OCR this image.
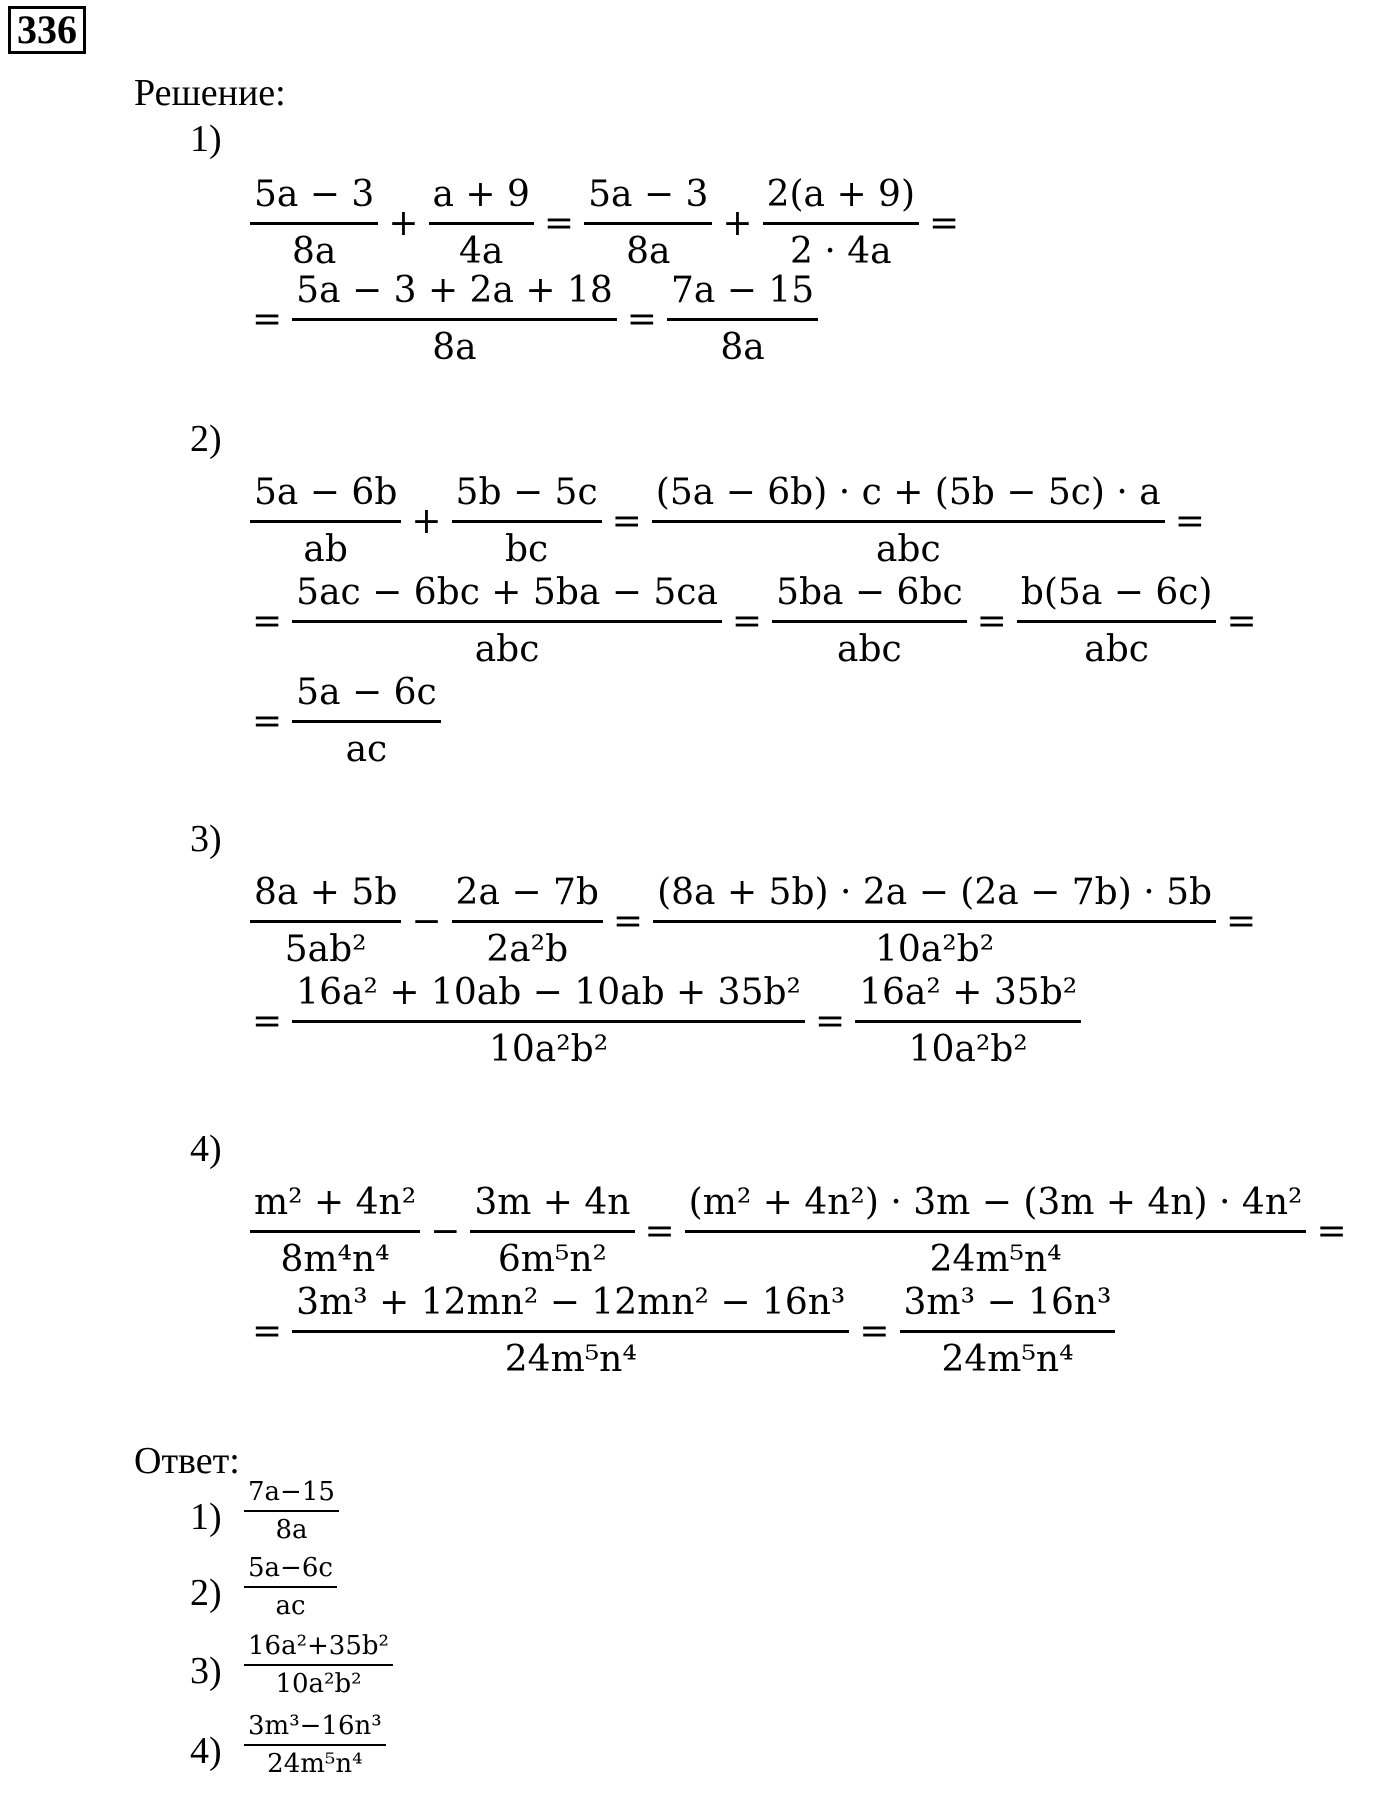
336
Решение:
1)
$\frac{5a - 3}{8a} + \frac{a + 9}{4a} = \frac{5a - 3}{8a} + \frac{2(a + 9)}{2 \cdot 4a}$ =
= $\frac{5a - 3 + 2a + 18}{8a} = \frac{7a - 15}{8a}$
2)
$\frac{5a - 6b}{ab} + \frac{5b - 5c}{bc} = \frac{(5a - 6b) \cdot c + (5b - 5c) \cdot a}{\text{abc}}$ =
= $\frac{5ac - 6bc + 5ba - 5ca}{\text{abc}} = \frac{5ba - 6bc}{\text{abc}} = \frac{b(5a - 6c)}{\text{abc}}$ =
= $\frac{5a - 6c}{ac}$
3)
$\frac{8a + 5b}{\text{5ab²}} - \frac{2a - 7b}{\text{2a²b}} = \frac{(8a + 5b) \cdot 2a - (2a - 7b) \cdot 5b}{\text{10a²b²}}$ =
= $\frac{\text{16a² + 10ab − 10ab + 35b²}}{\text{10a²b²}} = \frac{\text{16a² + 35b²}}{\text{10a²b²}}$
4)
$\frac{\text{m² + 4n²}}{\text{8m⁴n⁴}} - \frac{3m + 4n}{\text{6m⁵n²}} = \frac{\text{(m² + 4n²) · 3m − (3m + 4n) · 4n²}}{\text{24m⁵n⁴}}$ =
= $\frac{\text{3m³ + 12mn² − 12mn² − 16n³}}{\text{24m⁵n⁴}} = \frac{\text{3m³ − 16n³}}{\text{24m⁵n⁴}}$
Ответ:
$1) \frac{7a-15}{8a}$
$2) \frac{5a-6c}{ac}$
$3) \frac{\text{16a²+35b²}}{\text{10a²b²}}$
$4) \frac{\text{3m³−16n³}}{\text{24m⁵n⁴}}$
